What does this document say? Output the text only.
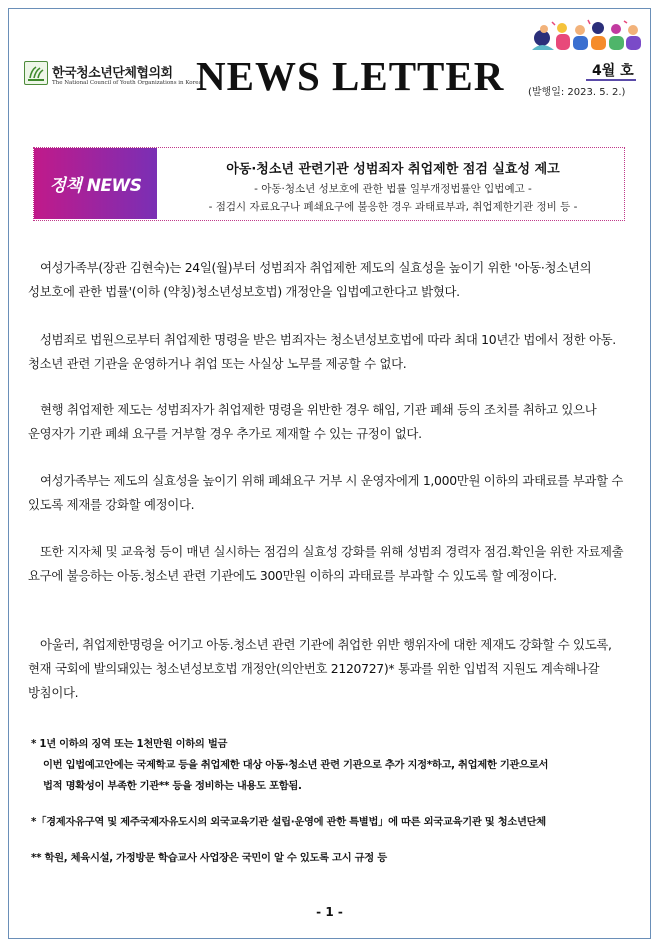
한국청소년단체협의회
The National Council of Youth Organizations in Korea
NEWS LETTER	4월 호
(발행일: 2023. 5. 2.)
정책 NEWS
아동·청소년 관련기관 성범죄자 취업제한 점검 실효성 제고
- 아동·청소년 성보호에 관한 법률 일부개정법률안 입법예고 -
- 점검시 자료요구나 폐쇄요구에 불응한 경우 과태료부과, 취업제한기관 정비 등 -

여성가족부(장관 김현숙)는 24일(월)부터 성범죄자 취업제한 제도의 실효성을 높이기 위한 '아동·청소년의 성보호에 관한 법률'(이하 (약칭)청소년성보호법) 개정안을 입법예고한다고 밝혔다.

성범죄로 법원으로부터 취업제한 명령을 받은 범죄자는 청소년성보호법에 따라 최대 10년간 법에서 정한 아동.청소년 관련 기관을 운영하거나 취업 또는 사실상 노무를 제공할 수 없다.

현행 취업제한 제도는 성범죄자가 취업제한 명령을 위반한 경우 해임, 기관 폐쇄 등의 조치를 취하고 있으나 운영자가 기관 폐쇄 요구를 거부할 경우 추가로 제재할 수 있는 규정이 없다.

여성가족부는 제도의 실효성을 높이기 위해 폐쇄요구 거부 시 운영자에게 1,000만원 이하의 과태료를 부과할 수 있도록 제재를 강화할 예정이다.

또한 지자체 및 교육청 등이 매년 실시하는 점검의 실효성 강화를 위해 성범죄 경력자 점검.확인을 위한 자료제출 요구에 불응하는 아동.청소년 관련 기관에도 300만원 이하의 과태료를 부과할 수 있도록 할 예정이다.

아울러, 취업제한명령을 어기고 아동.청소년 관련 기관에 취업한 위반 행위자에 대한 제재도 강화할 수 있도록, 현재 국회에 발의돼있는 청소년성보호법 개정안(의안번호 2120727)* 통과를 위한 입법적 지원도 계속해나갈 방침이다.

* 1년 이하의 징역 또는 1천만원 이하의 벌금
이번 입법예고안에는 국제학교 등을 취업제한 대상 아동·청소년 관련 기관으로 추가 지정*하고, 취업제한 기관으로서
법적 명확성이 부족한 기관** 등을 정비하는 내용도 포함됨.
*「경제자유구역 및 제주국제자유도시의 외국교육기관 설립·운영에 관한 특별법」에 따른 외국교육기관 및 청소년단체
** 학원, 체육시설, 가정방문 학습교사 사업장은 국민이 알 수 있도록 고시 규정 등
- 1 -
